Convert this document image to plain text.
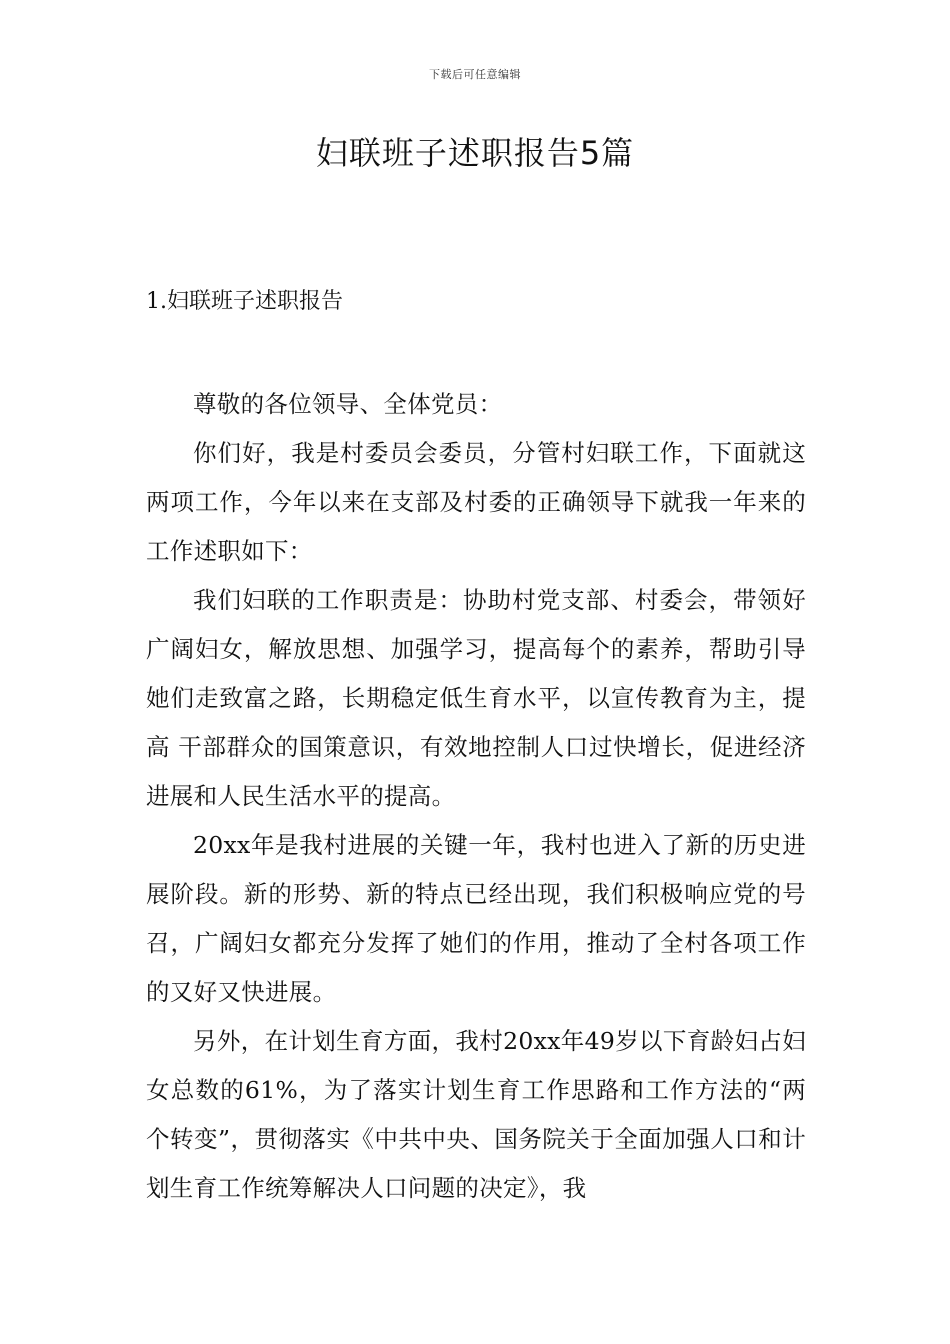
下载后可任意编辑
妇联班子述职报告5篇
1.妇联班子述职报告

尊敬的各位领导、全体党员：

你们好，我是村委员会委员，分管村妇联工作，下面就这两项工作，今年以来在支部及村委的正确领导下就我一年来的工作述职如下：

我们妇联的工作职责是：协助村党支部、村委会，带领好广阔妇女，解放思想、加强学习，提高每个的素养，帮助引导她们走致富之路，长期稳定低生育水平，以宣传教育为主，提高 干部群众的国策意识，有效地控制人口过快增长，促进经济进展和人民生活水平的提高。

20xx年是我村进展的关键一年，我村也进入了新的历史进展阶段。新的形势、新的特点已经出现，我们积极响应党的号召，广阔妇女都充分发挥了她们的作用，推动了全村各项工作的又好又快进展。

另外，在计划生育方面，我村20xx年49岁以下育龄妇占妇女总数的61%，为了落实计划生育工作思路和工作方法的“两个转变”，贯彻落实《中共中央、国务院关于全面加强人口和计划生育工作统筹解决人口问题的决定》，我
